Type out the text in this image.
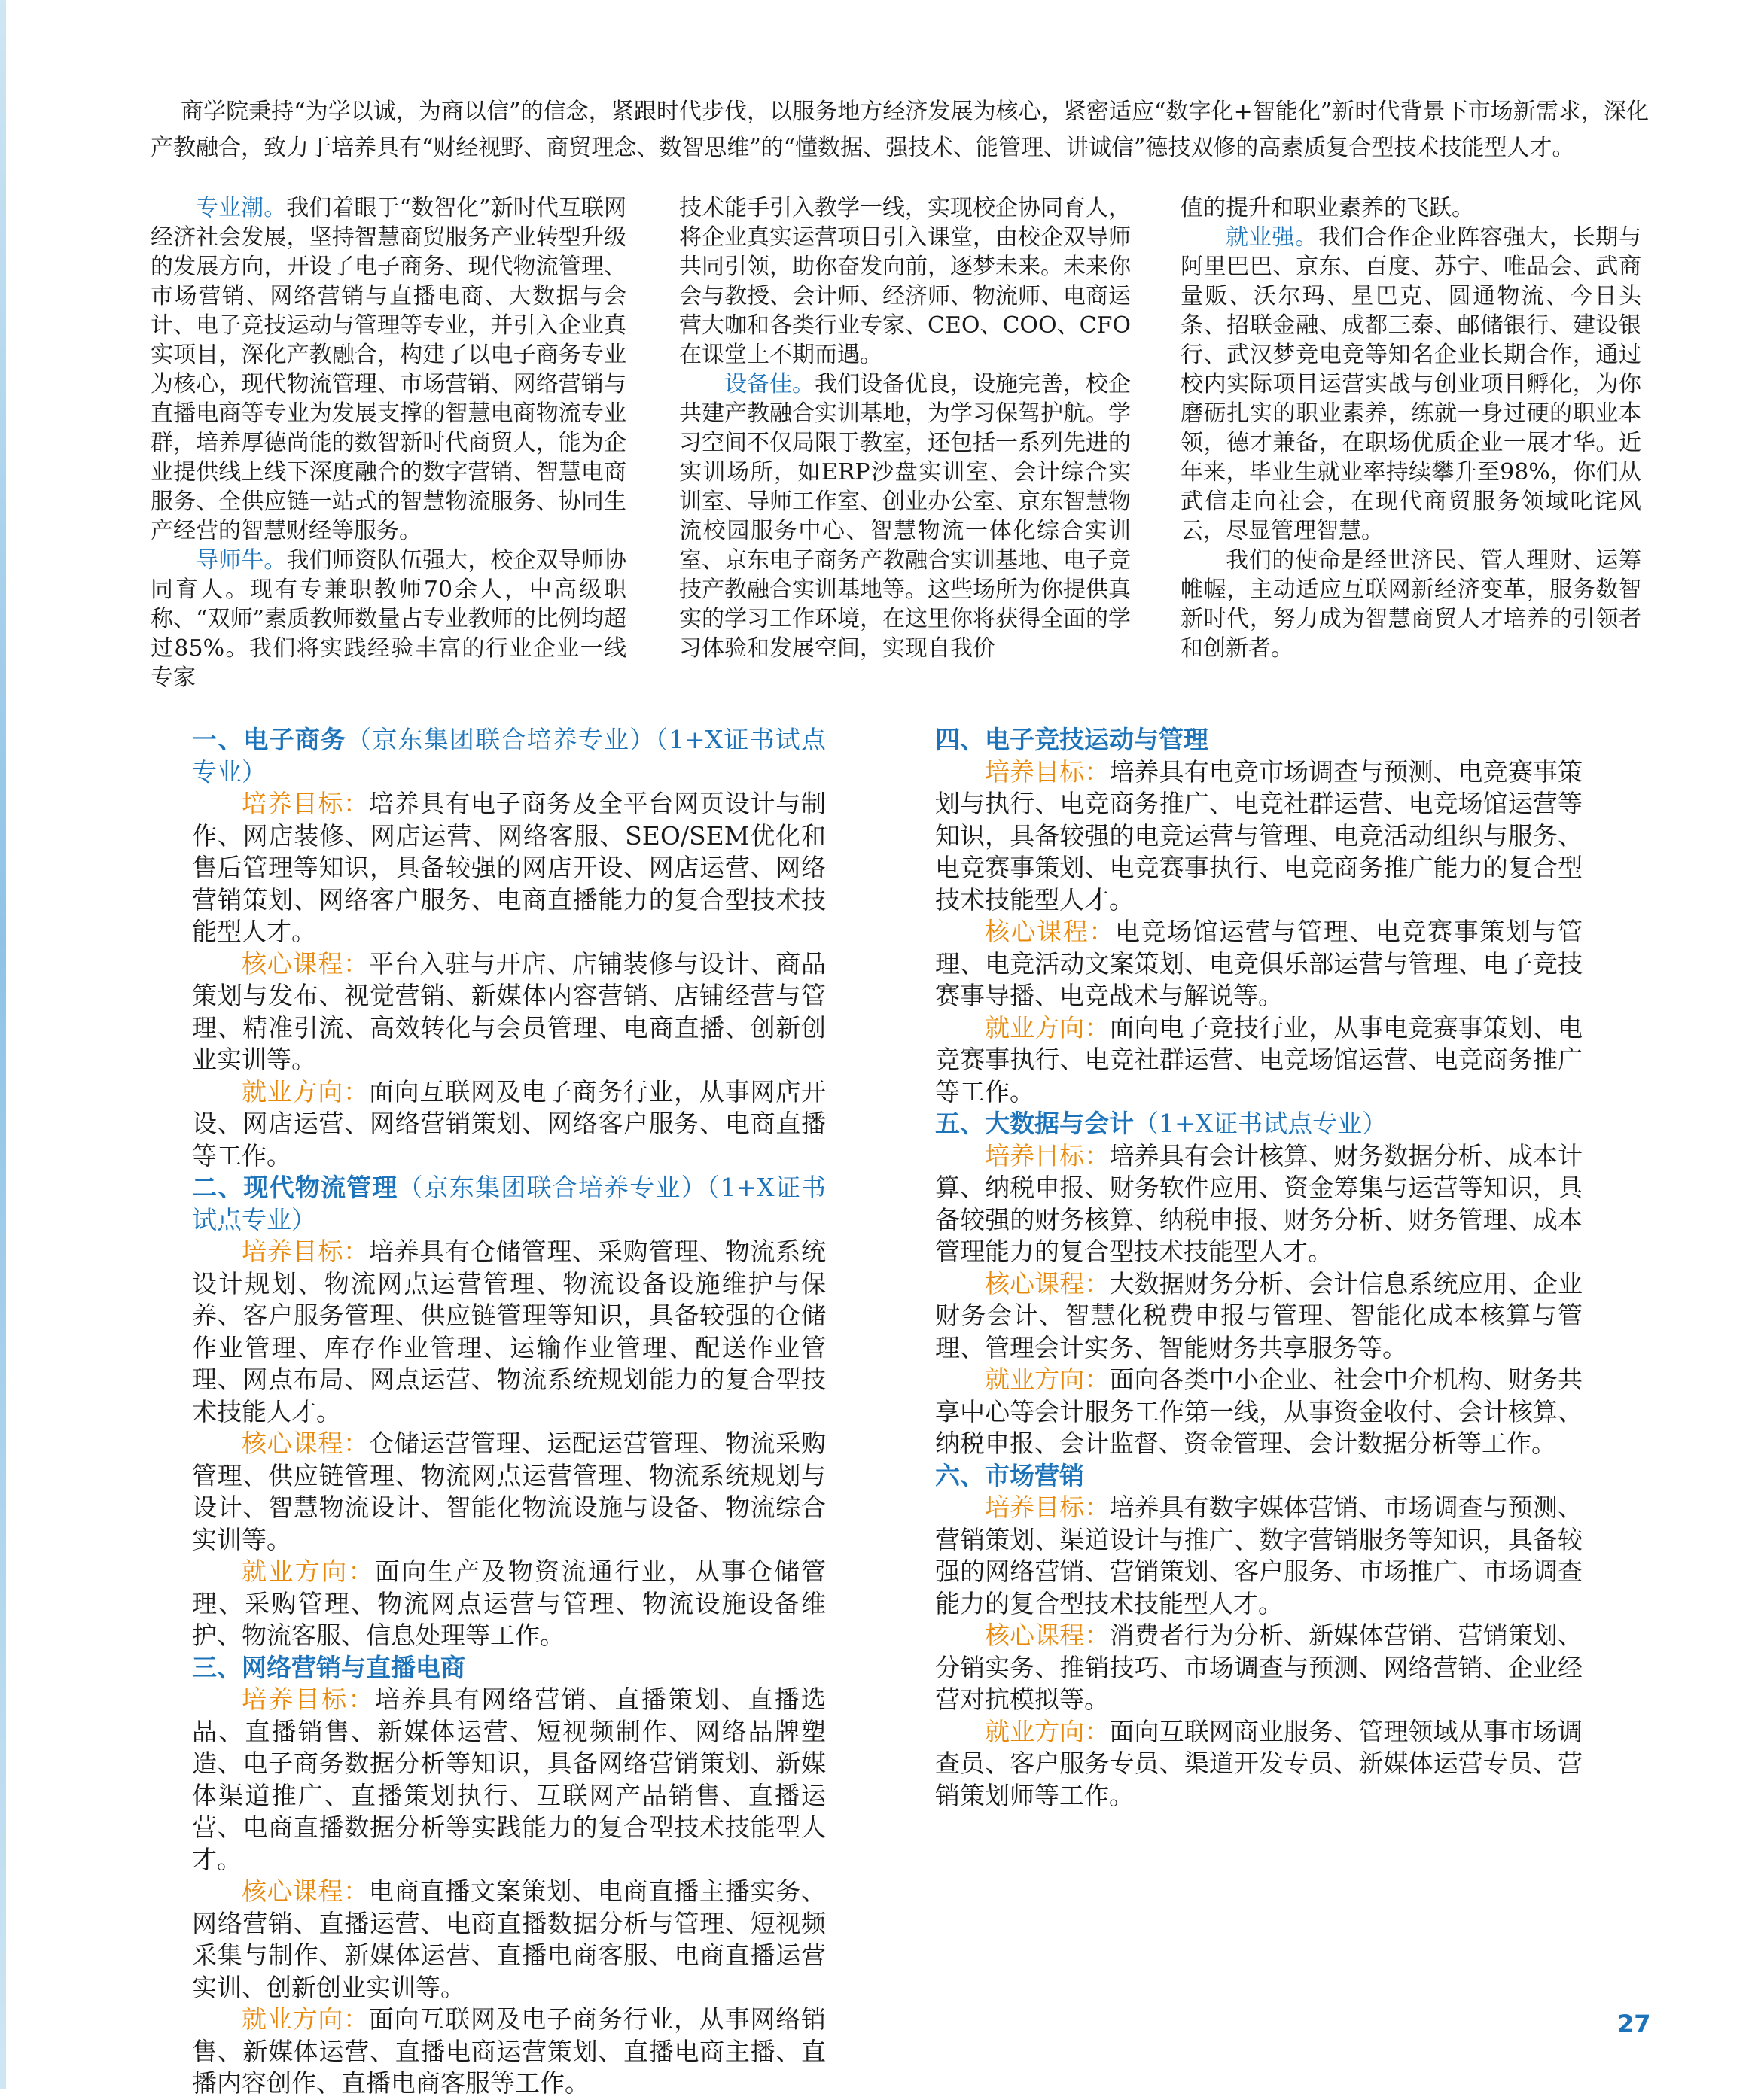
商学院秉持“为学以诚，为商以信”的信念，紧跟时代步伐，以服务地方经济发展为核心，紧密适应“数字化+智能化”新时代背景下市场新需求，深化产教融合，致力于培养具有“财经视野、商贸理念、数智思维”的“懂数据、强技术、能管理、讲诚信”德技双修的高素质复合型技术技能型人才。

专业潮。我们着眼于“数智化”新时代互联网经济社会发展，坚持智慧商贸服务产业转型升级的发展方向，开设了电子商务、现代物流管理、市场营销、网络营销与直播电商、大数据与会计、电子竞技运动与管理等专业，并引入企业真实项目，深化产教融合，构建了以电子商务专业为核心，现代物流管理、市场营销、网络营销与直播电商等专业为发展支撑的智慧电商物流专业群，培养厚德尚能的数智新时代商贸人，能为企业提供线上线下深度融合的数字营销、智慧电商服务、全供应链一站式的智慧物流服务、协同生产经营的智慧财经等服务。

导师牛。我们师资队伍强大，校企双导师协同育人。现有专兼职教师70余人，中高级职称、“双师”素质教师数量占专业教师的比例均超过85%。我们将实践经验丰富的行业企业一线专家

技术能手引入教学一线，实现校企协同育人，将企业真实运营项目引入课堂，由校企双导师共同引领，助你奋发向前，逐梦未来。未来你会与教授、会计师、经济师、物流师、电商运营大咖和各类行业专家、CEO、COO、CFO在课堂上不期而遇。

设备佳。我们设备优良，设施完善，校企共建产教融合实训基地，为学习保驾护航。学习空间不仅局限于教室，还包括一系列先进的实训场所，如ERP沙盘实训室、会计综合实训室、导师工作室、创业办公室、京东智慧物流校园服务中心、智慧物流一体化综合实训室、京东电子商务产教融合实训基地、电子竞技产教融合实训基地等。这些场所为你提供真实的学习工作环境，在这里你将获得全面的学习体验和发展空间，实现自我价

值的提升和职业素养的飞跃。

就业强。我们合作企业阵容强大，长期与阿里巴巴、京东、百度、苏宁、唯品会、武商量贩、沃尔玛、星巴克、圆通物流、今日头条、招联金融、成都三泰、邮储银行、建设银行、武汉梦竞电竞等知名企业长期合作，通过校内实际项目运营实战与创业项目孵化，为你磨砺扎实的职业素养，练就一身过硬的职业本领，德才兼备，在职场优质企业一展才华。近年来，毕业生就业率持续攀升至98%，你们从武信走向社会，在现代商贸服务领域叱诧风云，尽显管理智慧。

我们的使命是经世济民、管人理财、运筹帷幄，主动适应互联网新经济变革，服务数智新时代，努力成为智慧商贸人才培养的引领者和创新者。

一、电子商务（京东集团联合培养专业）（1+X证书试点专业）

培养目标：培养具有电子商务及全平台网页设计与制作、网店装修、网店运营、网络客服、SEO/SEM优化和售后管理等知识，具备较强的网店开设、网店运营、网络营销策划、网络客户服务、电商直播能力的复合型技术技能型人才。

核心课程：平台入驻与开店、店铺装修与设计、商品策划与发布、视觉营销、新媒体内容营销、店铺经营与管理、精准引流、高效转化与会员管理、电商直播、创新创业实训等。

就业方向：面向互联网及电子商务行业，从事网店开设、网店运营、网络营销策划、网络客户服务、电商直播等工作。

二、现代物流管理（京东集团联合培养专业）（1+X证书试点专业）

培养目标：培养具有仓储管理、采购管理、物流系统设计规划、物流网点运营管理、物流设备设施维护与保养、客户服务管理、供应链管理等知识，具备较强的仓储作业管理、库存作业管理、运输作业管理、配送作业管理、网点布局、网点运营、物流系统规划能力的复合型技术技能人才。

核心课程：仓储运营管理、运配运营管理、物流采购管理、供应链管理、物流网点运营管理、物流系统规划与设计、智慧物流设计、智能化物流设施与设备、物流综合实训等。

就业方向：面向生产及物资流通行业，从事仓储管理、采购管理、物流网点运营与管理、物流设施设备维护、物流客服、信息处理等工作。

三、网络营销与直播电商

培养目标：培养具有网络营销、直播策划、直播选品、直播销售、新媒体运营、短视频制作、网络品牌塑造、电子商务数据分析等知识，具备网络营销策划、新媒体渠道推广、直播策划执行、互联网产品销售、直播运营、电商直播数据分析等实践能力的复合型技术技能型人才。

核心课程：电商直播文案策划、电商直播主播实务、网络营销、直播运营、电商直播数据分析与管理、短视频采集与制作、新媒体运营、直播电商客服、电商直播运营实训、创新创业实训等。

就业方向：面向互联网及电子商务行业，从事网络销售、新媒体运营、直播电商运营策划、直播电商主播、直播内容创作、直播电商客服等工作。

四、电子竞技运动与管理

培养目标：培养具有电竞市场调查与预测、电竞赛事策划与执行、电竞商务推广、电竞社群运营、电竞场馆运营等知识，具备较强的电竞运营与管理、电竞活动组织与服务、电竞赛事策划、电竞赛事执行、电竞商务推广能力的复合型技术技能型人才。

核心课程：电竞场馆运营与管理、电竞赛事策划与管理、电竞活动文案策划、电竞俱乐部运营与管理、电子竞技赛事导播、电竞战术与解说等。

就业方向：面向电子竞技行业，从事电竞赛事策划、电竞赛事执行、电竞社群运营、电竞场馆运营、电竞商务推广等工作。

五、大数据与会计（1+X证书试点专业）

培养目标：培养具有会计核算、财务数据分析、成本计算、纳税申报、财务软件应用、资金筹集与运营等知识，具备较强的财务核算、纳税申报、财务分析、财务管理、成本管理能力的复合型技术技能型人才。

核心课程：大数据财务分析、会计信息系统应用、企业财务会计、智慧化税费申报与管理、智能化成本核算与管理、管理会计实务、智能财务共享服务等。

就业方向：面向各类中小企业、社会中介机构、财务共享中心等会计服务工作第一线，从事资金收付、会计核算、纳税申报、会计监督、资金管理、会计数据分析等工作。

六、市场营销

培养目标：培养具有数字媒体营销、市场调查与预测、营销策划、渠道设计与推广、数字营销服务等知识，具备较强的网络营销、营销策划、客户服务、市场推广、市场调查能力的复合型技术技能型人才。

核心课程：消费者行为分析、新媒体营销、营销策划、分销实务、推销技巧、市场调查与预测、网络营销、企业经营对抗模拟等。

就业方向：面向互联网商业服务、管理领域从事市场调查员、客户服务专员、渠道开发专员、新媒体运营专员、营销策划师等工作。

27
